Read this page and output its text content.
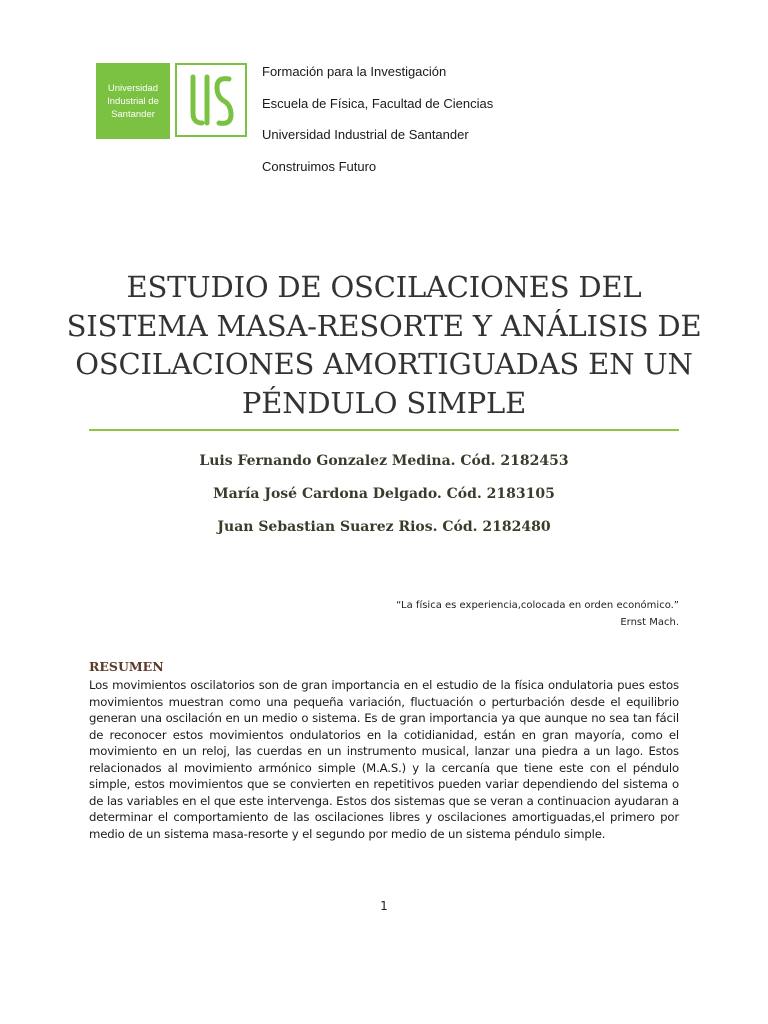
Universidad
Industrial de
Santander
Formación para la Investigación
Escuela de Física, Facultad de Ciencias
Universidad Industrial de Santander
Construimos Futuro
ESTUDIO DE OSCILACIONES DEL SISTEMA MASA-RESORTE Y ANÁLISIS DE OSCILACIONES AMORTIGUADAS EN UN PÉNDULO SIMPLE
Luis Fernando Gonzalez Medina. Cód. 2182453
María José Cardona Delgado. Cód. 2183105
Juan Sebastian Suarez Rios. Cód. 2182480
“La física es experiencia,colocada en orden económico.”
Ernst Mach.
RESUMEN
Los movimientos oscilatorios son de gran importancia en el estudio de la física ondulatoria pues estos movimientos muestran como una pequeña variación, fluctuación o perturbación desde el equilibrio generan una oscilación en un medio o sistema. Es de gran importancia ya que aunque no sea tan fácil de reconocer estos movimientos ondulatorios en la cotidianidad, están en gran mayoría, como el movimiento en un reloj, las cuerdas en un instrumento musical, lanzar una piedra a un lago. Estos relacionados al movimiento armónico simple (M.A.S.) y la cercanía que tiene este con el péndulo simple, estos movimientos que se convierten en repetitivos pueden variar dependiendo del sistema o de las variables en el que este intervenga. Estos dos sistemas que se veran a continuacion ayudaran a determinar el comportamiento de las oscilaciones libres y oscilaciones amortiguadas,el primero por medio de un sistema masa-resorte y el segundo por medio de un sistema péndulo simple.
1
